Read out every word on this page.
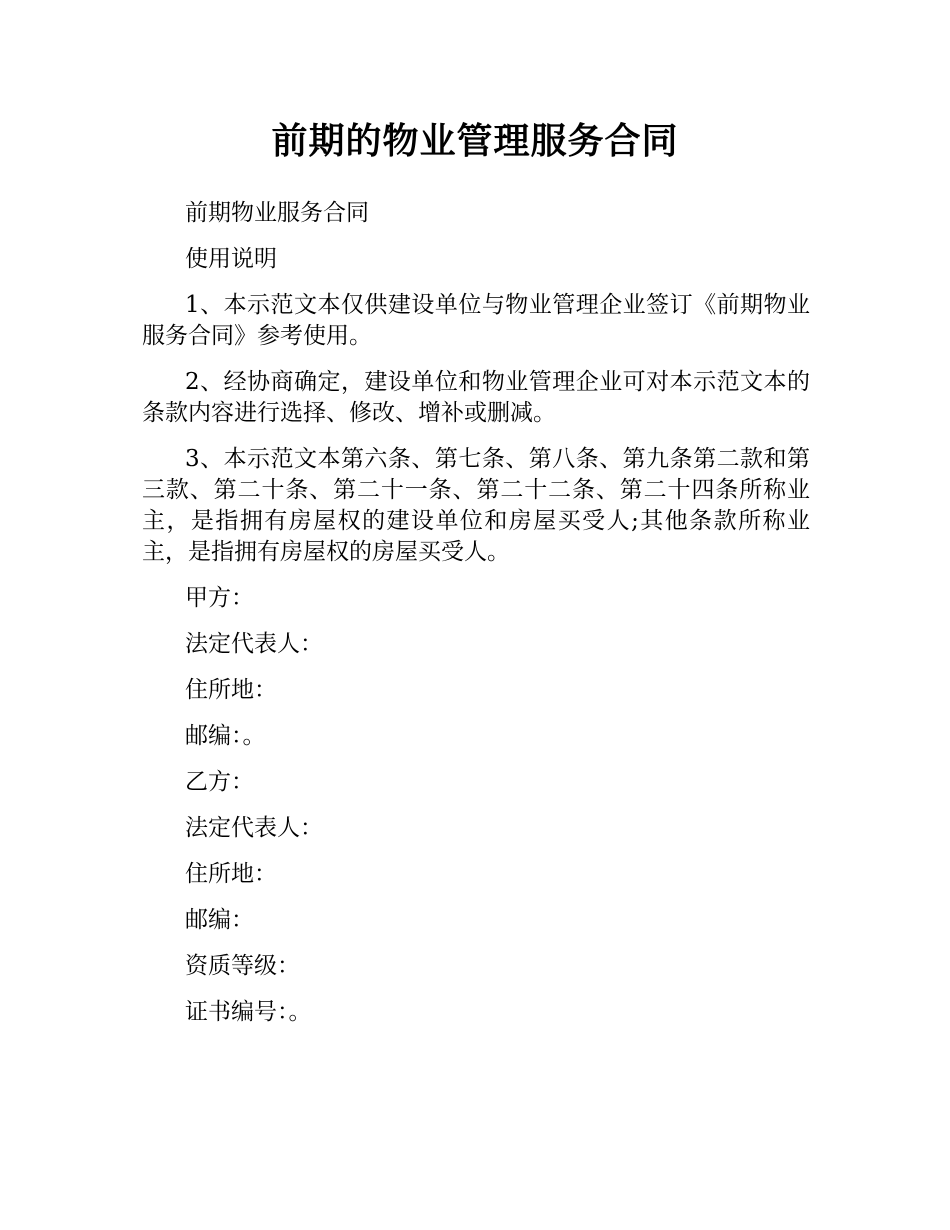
前期的物业管理服务合同

前期物业服务合同

使用说明

1、本示范文本仅供建设单位与物业管理企业签订《前期物业服务合同》参考使用。

2、经协商确定，建设单位和物业管理企业可对本示范文本的条款内容进行选择、修改、增补或删减。

3、本示范文本第六条、第七条、第八条、第九条第二款和第三款、第二十条、第二十一条、第二十二条、第二十四条所称业主，是指拥有房屋权的建设单位和房屋买受人;其他条款所称业主，是指拥有房屋权的房屋买受人。

甲方：

法定代表人：

住所地：

邮编：。

乙方：

法定代表人：

住所地：

邮编：

资质等级：

证书编号：。
